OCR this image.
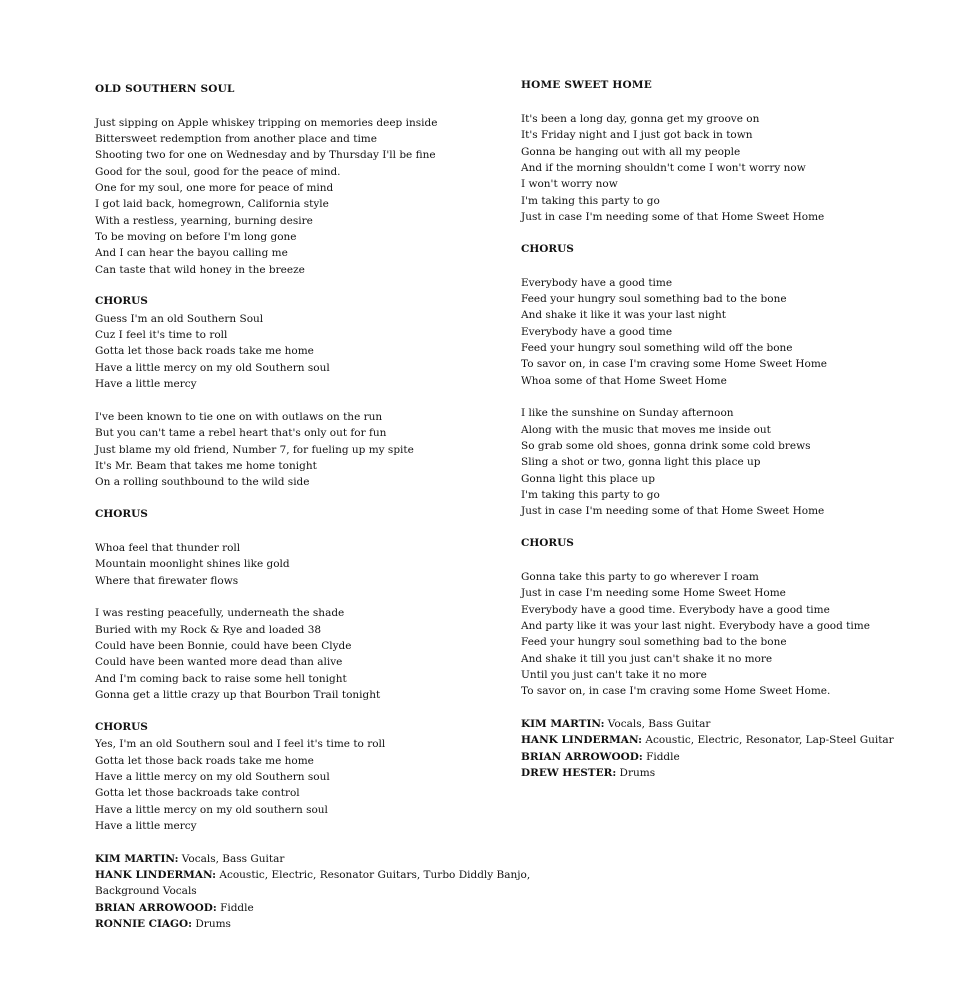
OLD SOUTHERN SOUL
Just sipping on Apple whiskey tripping on memories deep inside
Bittersweet redemption from another place and time
Shooting two for one on Wednesday and by Thursday I'll be fine
Good for the soul, good for the peace of mind.
One for my soul, one more for peace of mind
I got laid back, homegrown, California style
With a restless, yearning, burning desire
To be moving on before I'm long gone
And I can hear the bayou calling me
Can taste that wild honey in the breeze
CHORUS
Guess I'm an old Southern Soul
Cuz I feel it's time to roll
Gotta let those back roads take me home
Have a little mercy on my old Southern soul
Have a little mercy
I've been known to tie one on with outlaws on the run
But you can't tame a rebel heart that's only out for fun
Just blame my old friend, Number 7, for fueling up my spite
It's Mr. Beam that takes me home tonight
On a rolling southbound to the wild side
CHORUS
Whoa feel that thunder roll
Mountain moonlight shines like gold
Where that firewater flows
I was resting peacefully, underneath the shade
Buried with my Rock & Rye and loaded 38
Could have been Bonnie, could have been Clyde
Could have been wanted more dead than alive
And I'm coming back to raise some hell tonight
Gonna get a little crazy up that Bourbon Trail tonight
CHORUS
Yes, I'm an old Southern soul and I feel it's time to roll
Gotta let those back roads take me home
Have a little mercy on my old Southern soul
Gotta let those backroads take control
Have a little mercy on my old southern soul
Have a little mercy
KIM MARTIN: Vocals, Bass Guitar
HANK LINDERMAN: Acoustic, Electric, Resonator Guitars, Turbo Diddly Banjo,
Background Vocals
BRIAN ARROWOOD: Fiddle
RONNIE CIAGO: Drums
HOME SWEET HOME
It's been a long day, gonna get my groove on
It's Friday night and I just got back in town
Gonna be hanging out with all my people
And if the morning shouldn't come I won't worry now
I won't worry now
I'm taking this party to go
Just in case I'm needing some of that Home Sweet Home
CHORUS
Everybody have a good time
Feed your hungry soul something bad to the bone
And shake it like it was your last night
Everybody have a good time
Feed your hungry soul something wild off the bone
To savor on, in case I'm craving some Home Sweet Home
Whoa some of that Home Sweet Home
I like the sunshine on Sunday afternoon
Along with the music that moves me inside out
So grab some old shoes, gonna drink some cold brews
Sling a shot or two, gonna light this place up
Gonna light this place up
I'm taking this party to go
Just in case I'm needing some of that Home Sweet Home
CHORUS
Gonna take this party to go wherever I roam
Just in case I'm needing some Home Sweet Home
Everybody have a good time. Everybody have a good time
And party like it was your last night. Everybody have a good time
Feed your hungry soul something bad to the bone
And shake it till you just can't shake it no more
Until you just can't take it no more
To savor on, in case I'm craving some Home Sweet Home.
KIM MARTIN: Vocals, Bass Guitar
HANK LINDERMAN: Acoustic, Electric, Resonator, Lap-Steel Guitar
BRIAN ARROWOOD: Fiddle
DREW HESTER: Drums
